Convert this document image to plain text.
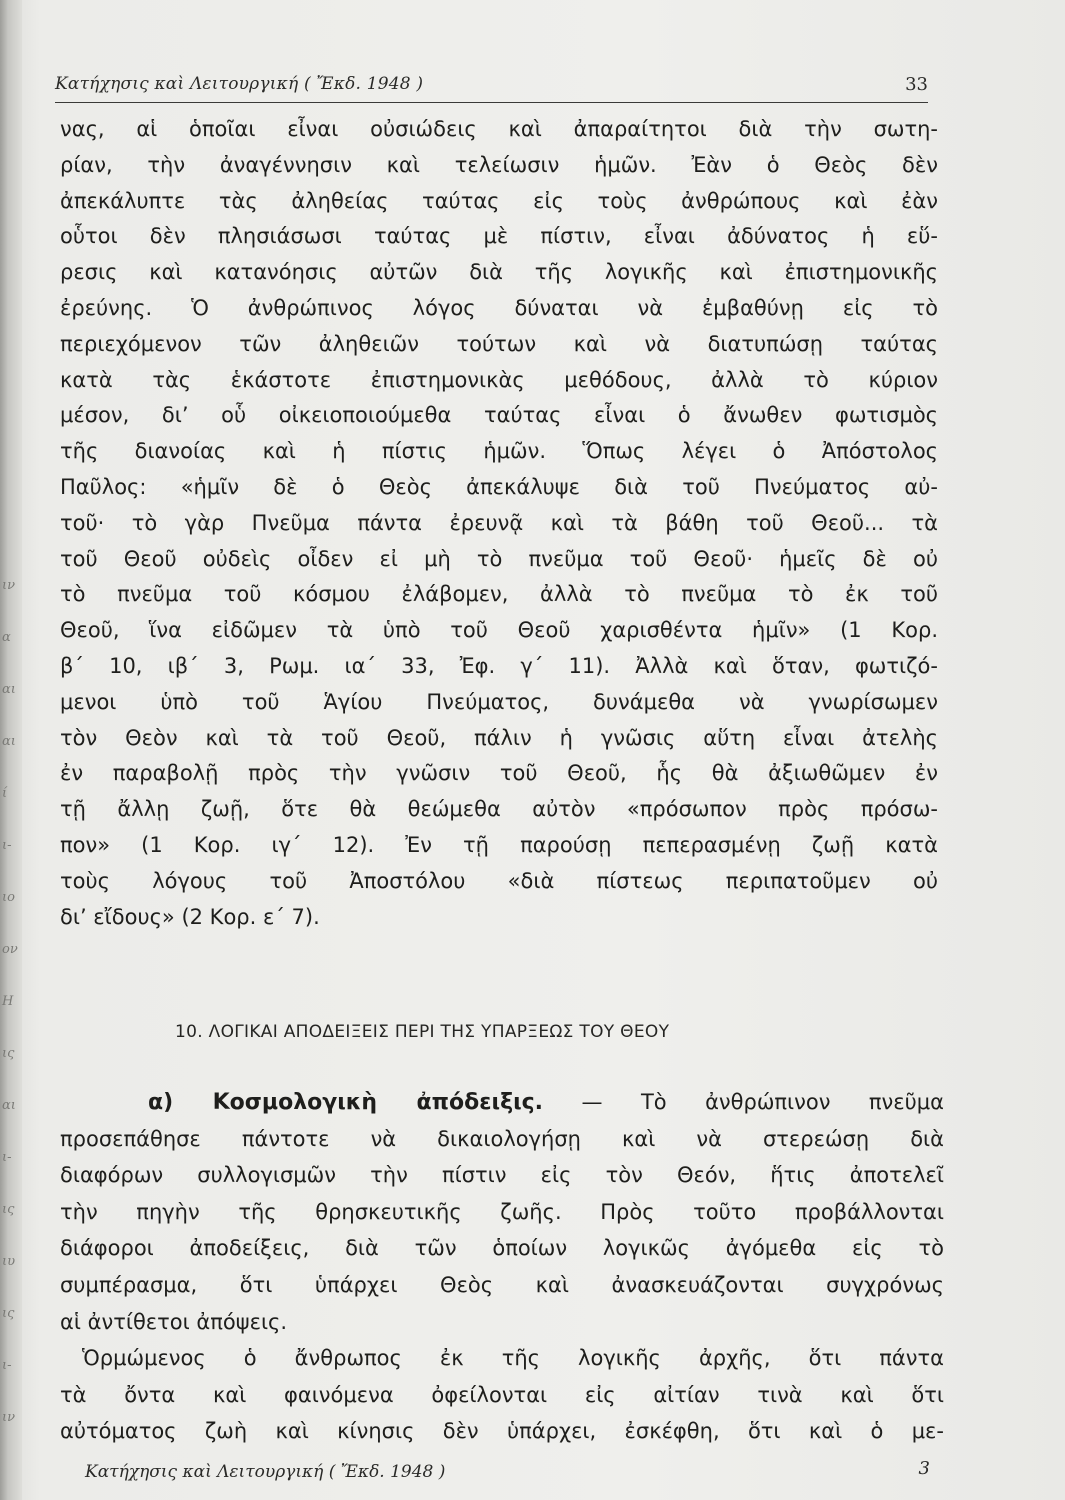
ιν
α
αι
αι
ί
ι-
ιο
ον
Η
ις
αι
ι-
ις
ιυ
ις
ι-
ιν
Κατήχησις καὶ Λειτουργική ( Ἔκδ. 1948 )	33
νας, αἱ ὁποῖαι εἶναι οὐσιώδεις καὶ ἀπαραίτητοι διὰ τὴν σωτη-
ρίαν, τὴν ἀναγέννησιν καὶ τελείωσιν ἡμῶν. Ἐὰν ὁ Θεὸς δὲν
ἀπεκάλυπτε τὰς ἀληθείας ταύτας εἰς τοὺς ἀνθρώπους καὶ ἐὰν
οὗτοι δὲν πλησιάσωσι ταύτας μὲ πίστιν, εἶναι ἀδύνατος ἡ εὕ-
ρεσις καὶ κατανόησις αὐτῶν διὰ τῆς λογικῆς καὶ ἐπιστημονικῆς
ἐρεύνης. Ὁ ἀνθρώπινος λόγος δύναται νὰ ἐμβαθύνῃ εἰς τὸ
περιεχόμενον τῶν ἀληθειῶν τούτων καὶ νὰ διατυπώσῃ ταύτας
κατὰ τὰς ἑκάστοτε ἐπιστημονικὰς μεθόδους, ἀλλὰ τὸ κύριον
μέσον, δι’ οὗ οἰκειοποιούμεθα ταύτας εἶναι ὁ ἄνωθεν φωτισμὸς
τῆς διανοίας καὶ ἡ πίστις ἡμῶν. Ὅπως λέγει ὁ Ἀπόστολος
Παῦλος: «ἡμῖν δὲ ὁ Θεὸς ἀπεκάλυψε διὰ τοῦ Πνεύματος αὐ-
τοῦ· τὸ γὰρ Πνεῦμα πάντα ἐρευνᾷ καὶ τὰ βάθη τοῦ Θεοῦ... τὰ
τοῦ Θεοῦ οὐδεὶς οἶδεν εἰ μὴ τὸ πνεῦμα τοῦ Θεοῦ· ἡμεῖς δὲ οὐ
τὸ πνεῦμα τοῦ κόσμου ἐλάβομεν, ἀλλὰ τὸ πνεῦμα τὸ ἐκ τοῦ
Θεοῦ, ἵνα εἰδῶμεν τὰ ὑπὸ τοῦ Θεοῦ χαρισθέντα ἡμῖν» (1 Κορ.
β´ 10, ιβ´ 3, Ρωμ. ια´ 33, Ἐφ. γ´ 11). Ἀλλὰ καὶ ὅταν, φωτιζό-
μενοι ὑπὸ τοῦ Ἁγίου Πνεύματος, δυνάμεθα νὰ γνωρίσωμεν
τὸν Θεὸν καὶ τὰ τοῦ Θεοῦ, πάλιν ἡ γνῶσις αὕτη εἶναι ἀτελὴς
ἐν παραβολῇ πρὸς τὴν γνῶσιν τοῦ Θεοῦ, ἧς θὰ ἀξιωθῶμεν ἐν
τῇ ἄλλῃ ζωῇ, ὅτε θὰ θεώμεθα αὐτὸν «πρόσωπον πρὸς πρόσω-
πον» (1 Κορ. ιγ´ 12). Ἐν τῇ παρούσῃ πεπερασμένῃ ζωῇ κατὰ
τοὺς λόγους τοῦ Ἀποστόλου «διὰ πίστεως περιπατοῦμεν οὐ
δι’ εἴδους» (2 Κορ. ε´ 7).
10. ΛΟΓΙΚΑΙ ΑΠΟΔΕΙΞΕΙΣ ΠΕΡΙ ΤΗΣ ΥΠΑΡΞΕΩΣ ΤΟΥ ΘΕΟΥ
α) Κοσμολογικὴ ἀπόδειξις. — Τὸ ἀνθρώπινον πνεῦμα
προσεπάθησε πάντοτε νὰ δικαιολογήσῃ καὶ νὰ στερεώσῃ διὰ
διαφόρων συλλογισμῶν τὴν πίστιν εἰς τὸν Θεόν, ἥτις ἀποτελεῖ
τὴν πηγὴν τῆς θρησκευτικῆς ζωῆς. Πρὸς τοῦτο προβάλλονται
διάφοροι ἀποδείξεις, διὰ τῶν ὁποίων λογικῶς ἀγόμεθα εἰς τὸ
συμπέρασμα, ὅτι ὑπάρχει Θεὸς καὶ ἀνασκευάζονται συγχρόνως
αἱ ἀντίθετοι ἀπόψεις.
Ὁρμώμενος ὁ ἄνθρωπος ἐκ τῆς λογικῆς ἀρχῆς, ὅτι πάντα
τὰ ὄντα καὶ φαινόμενα ὀφείλονται εἰς αἰτίαν τινὰ καὶ ὅτι
αὐτόματος ζωὴ καὶ κίνησις δὲν ὑπάρχει, ἐσκέφθη, ὅτι καὶ ὁ με-
Κατήχησις καὶ Λειτουργική ( Ἔκδ. 1948 )	3
